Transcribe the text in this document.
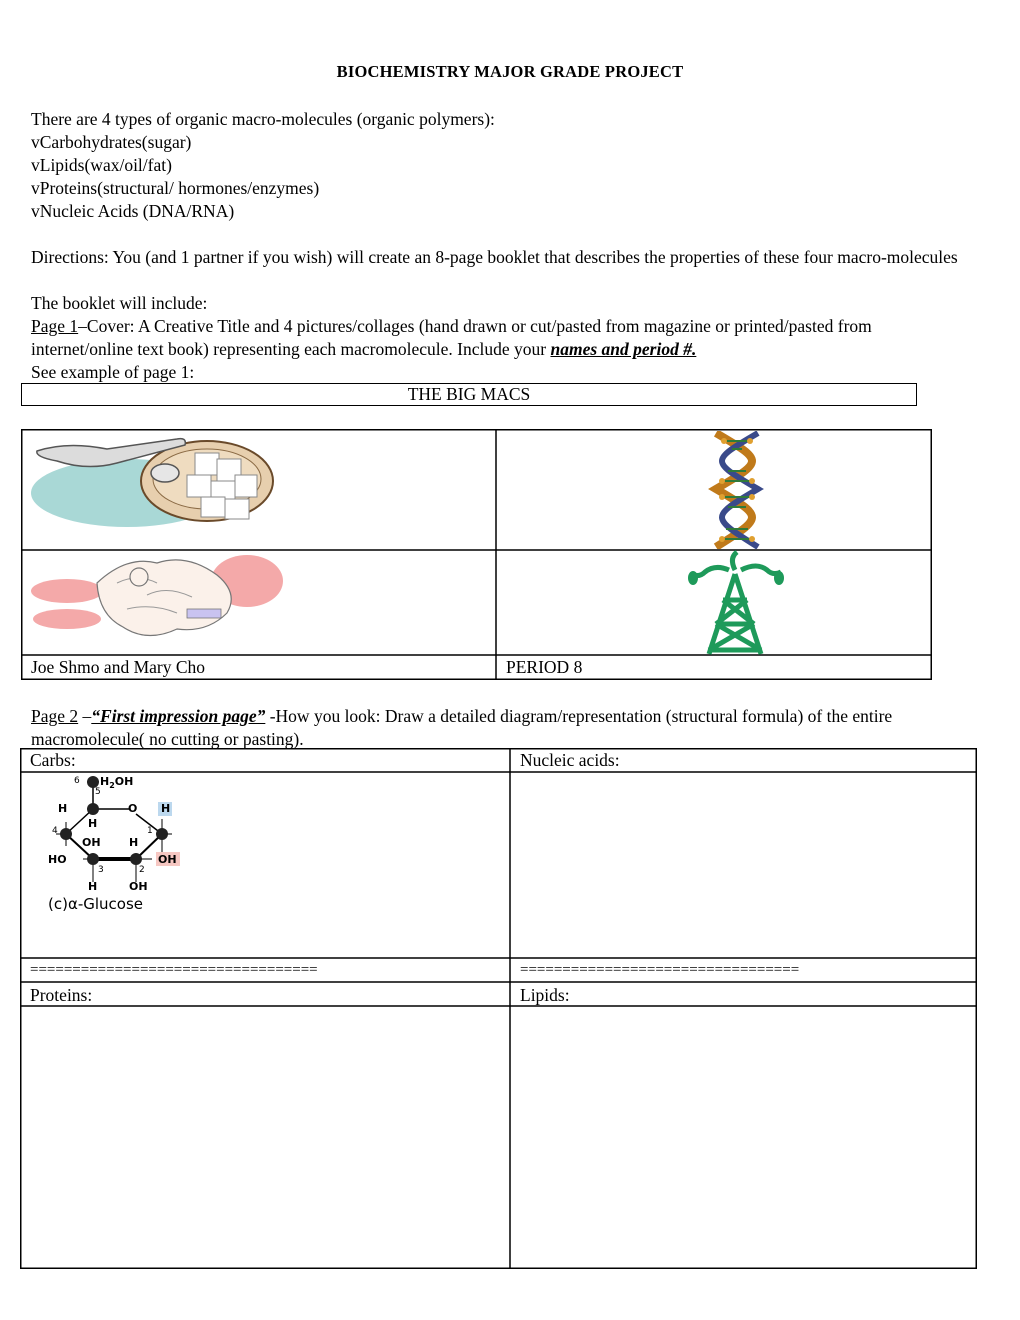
BIOCHEMISTRY MAJOR GRADE PROJECT
There are 4 types of organic macro-molecules (organic polymers):
vCarbohydrates(sugar)
vLipids(wax/oil/fat)
vProteins(structural/ hormones/enzymes)
vNucleic Acids (DNA/RNA)
Directions: You (and 1 partner if you wish) will create an 8-page booklet that describes the properties of these four macro-molecules
The booklet will include:
Page 1–Cover: A Creative Title and 4 pictures/collages (hand drawn or cut/pasted from magazine or printed/pasted from internet/online text book) representing each macromolecule. Include your names and period #.
See example of page 1:
THE BIG MACS
Joe Shmo and Mary Cho	PERIOD 8
Page 2 –“First impression page” -How you look: Draw a detailed diagram/representation (structural formula) of the entire macromolecule( no cutting or pasting).
Carbs:	Nucleic acids:
==================================	=================================
Proteins:	Lipids:
6 $H_2OH$
5
H	O H
H
4	1
OH	H
HO	OH
3	2
H	OH
(c)α-Glucose
